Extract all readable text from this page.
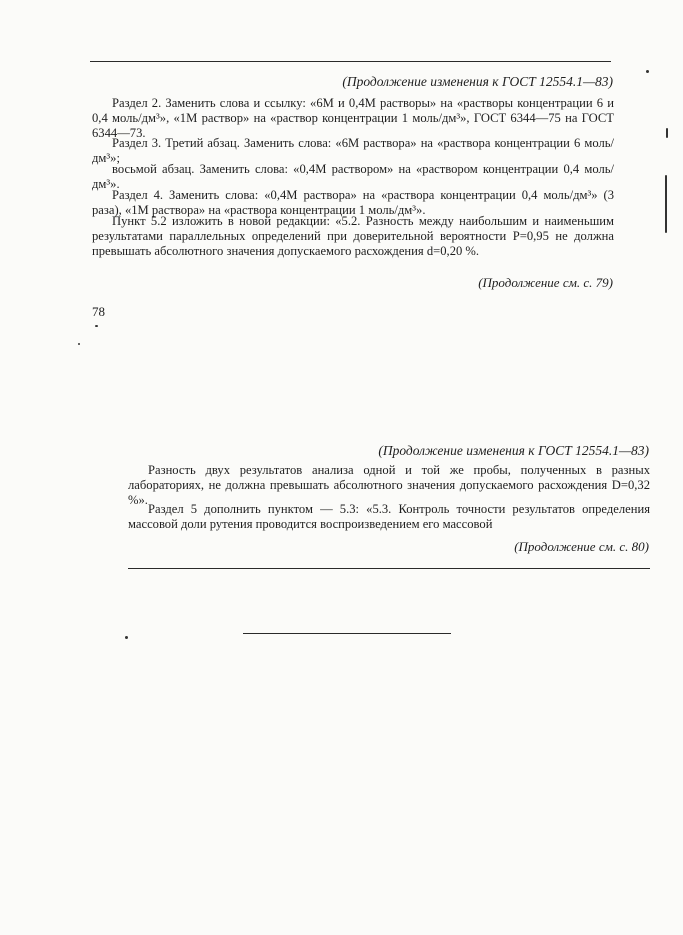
(Продолжение изменения к ГОСТ 12554.1—83)

Раздел 2. Заменить слова и ссылку: «6М и 0,4М растворы» на «растворы концентрации 6 и 0,4 моль/дм³», «1М раствор» на «раствор концентрации 1 моль/дм³», ГОСТ 6344—75 на ГОСТ 6344—73.

Раздел 3. Третий абзац. Заменить слова: «6М раствора» на «раствора концентрации 6 моль/дм³»;

восьмой абзац. Заменить слова: «0,4М раствором» на «раствором концентрации 0,4 моль/дм³».

Раздел 4. Заменить слова: «0,4М раствора» на «раствора концентрации 0,4 моль/дм³» (3 раза), «1М раствора» на «раствора концентрации 1 моль/дм³».

Пункт 5.2 изложить в новой редакции: «5.2. Разность между наибольшим и наименьшим результатами параллельных определений при доверительной вероятности P=0,95 не должна превышать абсолютного значения допускаемого расхождения d=0,20 %.

(Продолжение см. с. 79)
78
(Продолжение изменения к ГОСТ 12554.1—83)

Разность двух результатов анализа одной и той же пробы, полученных в разных лабораториях, не должна превышать абсолютного значения допускаемого расхождения D=0,32 %».

Раздел 5 дополнить пунктом — 5.3: «5.3. Контроль точности результатов определения массовой доли рутения проводится воспроизведением его массовой

(Продолжение см. с. 80)
